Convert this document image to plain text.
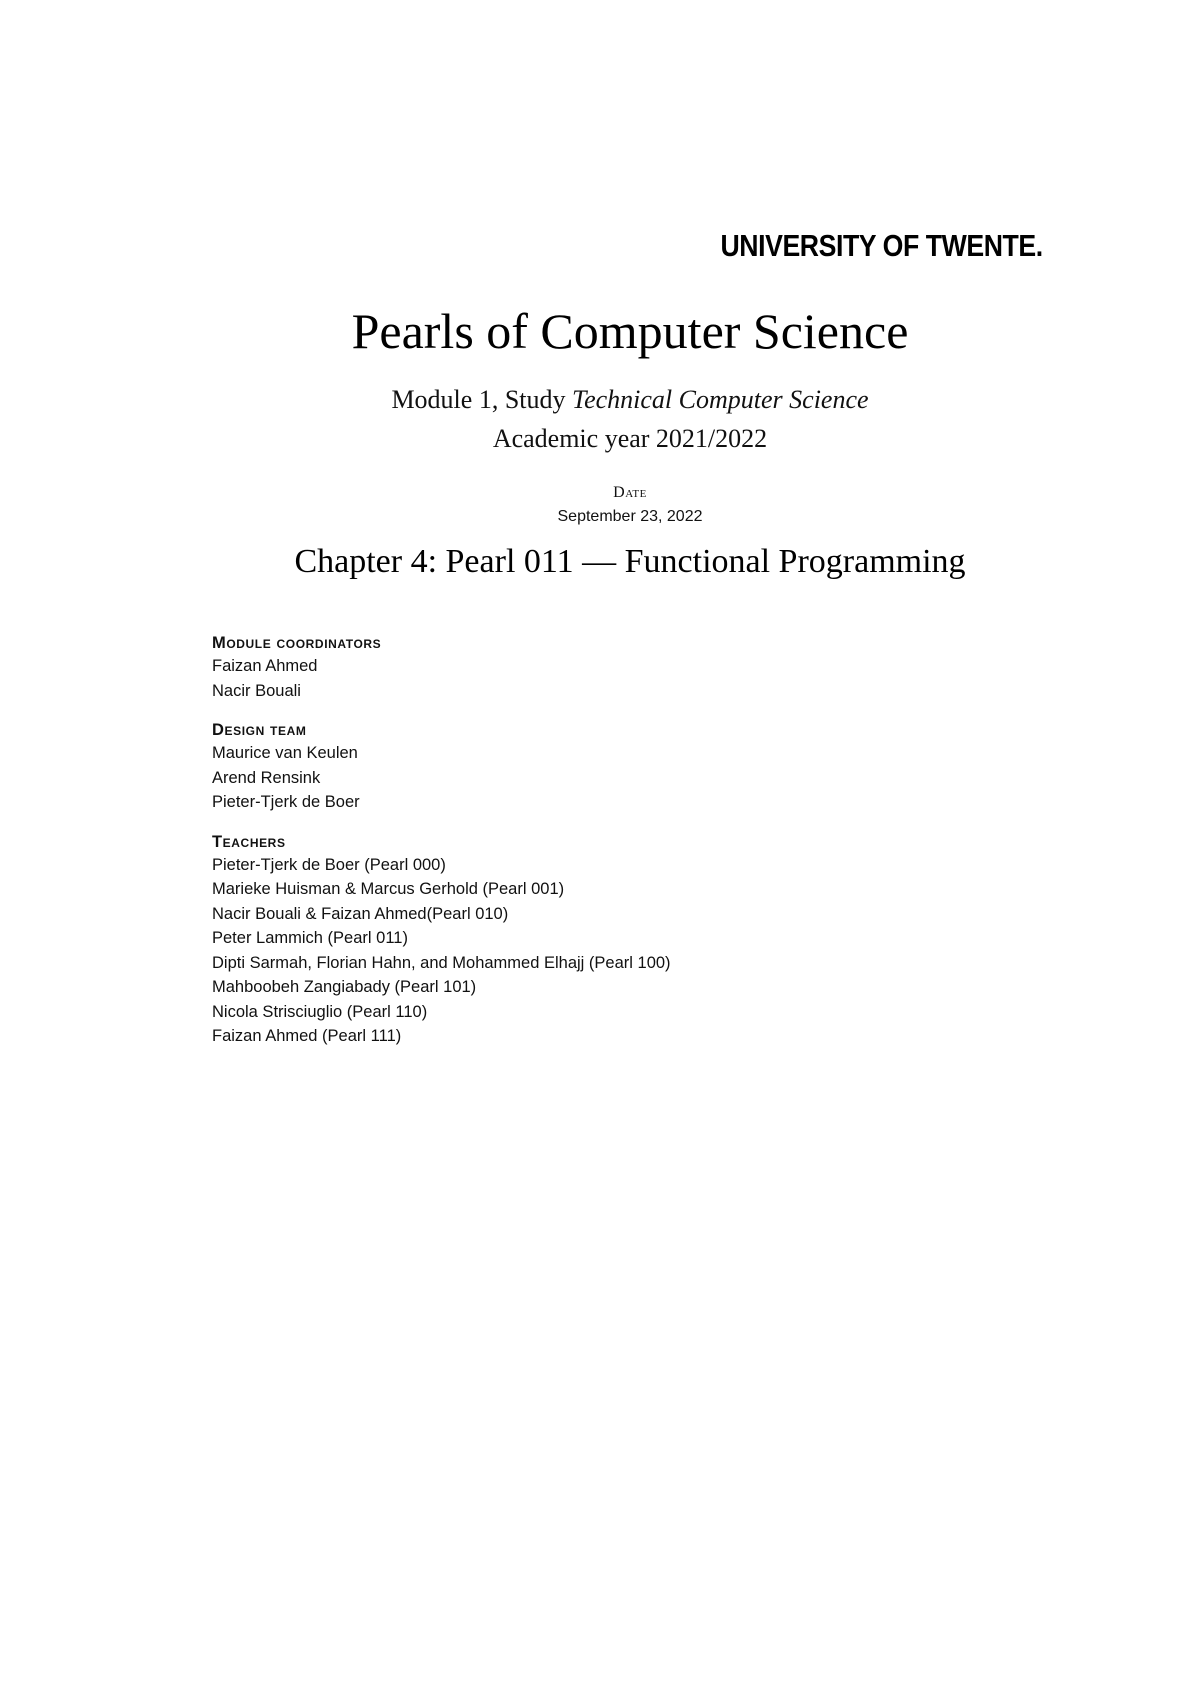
UNIVERSITY OF TWENTE.
Pearls of Computer Science
Module 1, Study Technical Computer Science
Academic year 2021/2022
Date
September 23, 2022
Chapter 4: Pearl 011 — Functional Programming
Module coordinators
Faizan Ahmed
Nacir Bouali
Design team
Maurice van Keulen
Arend Rensink
Pieter-Tjerk de Boer
Teachers
Pieter-Tjerk de Boer (Pearl 000)
Marieke Huisman & Marcus Gerhold (Pearl 001)
Nacir Bouali & Faizan Ahmed(Pearl 010)
Peter Lammich (Pearl 011)
Dipti Sarmah, Florian Hahn, and Mohammed Elhajj (Pearl 100)
Mahboobeh Zangiabady (Pearl 101)
Nicola Strisciuglio (Pearl 110)
Faizan Ahmed (Pearl 111)
